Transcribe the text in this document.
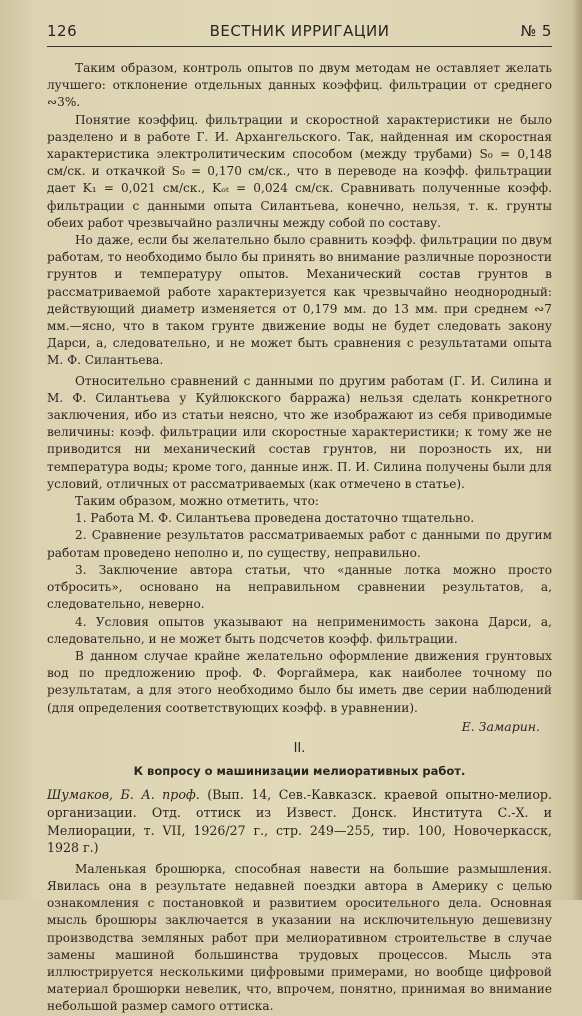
126	ВЕСТНИК ИРРИГАЦИИ	№ 5

Таким образом, контроль опытов по двум методам не оставляет желать лучшего: отклонение отдельных данных коэффиц. фильтрации от среднего ∾3%.

Понятие коэффиц. фильтрации и скоростной характеристики не было разделено и в работе Г. И. Архангельского. Так, найденная им скоростная характеристика электролитическим способом (между трубами) S₀ = 0,148 см/ск. и откачкой S₀ = 0,170 см/ск., что в переводе на коэфф. фильтрации дает K₁ = 0,021 см/ск., Kₒₜ = 0,024 см/ск. Сравнивать полученные коэфф. фильтрации с данными опыта Силантьева, конечно, нельзя, т. к. грунты обеих работ чрезвычайно различны между собой по составу.

Но даже, если бы желательно было сравнить коэфф. фильтрации по двум работам, то необходимо было бы принять во внимание различные порозности грунтов и температуру опытов. Механический состав грунтов в рассматриваемой работе характеризуется как чрезвычайно неоднородный: действующий диаметр изменяется от 0,179 мм. до 13 мм. при среднем ∾7 мм.—ясно, что в таком грунте движение воды не будет следовать закону Дарси, а, следовательно, и не может быть сравнения с результатами опыта М. Ф. Силантьева.

Относительно сравнений с данными по другим работам (Г. И. Силина и М. Ф. Силантьева у Куйлюкского барража) нельзя сделать конкретного заключения, ибо из статьи неясно, что же изображают из себя приводимые величины: коэф. фильтрации или скоростные характеристики; к тому же не приводится ни механический состав грунтов, ни порозность их, ни температура воды; кроме того, данные инж. П. И. Силина получены были для условий, отличных от рассматриваемых (как отмечено в статье).

Таким образом, можно отметить, что:

1. Работа М. Ф. Силантьева проведена достаточно тщательно.

2. Сравнение результатов рассматриваемых работ с данными по другим работам проведено неполно и, по существу, неправильно.

3. Заключение автора статьи, что «данные лотка можно просто отбросить», основано на неправильном сравнении результатов, а, следовательно, неверно.

4. Условия опытов указывают на неприменимость закона Дарси, а, следовательно, и не может быть подсчетов коэфф. фильтрации.

В данном случае крайне желательно оформление движения грунтовых вод по предложению проф. Ф. Форгаймера, как наиболее точному по результатам, а для этого необходимо было бы иметь две серии наблюдений (для определения соответствующих коэфф. в уравнении).

Е. Замарин.
II.
К вопросу о машинизации мелиоративных работ.
Шумаков, Б. А. проф. (Вып. 14, Сев.-Кавказск. краевой опытно-мелиор. организации. Отд. оттиск из Извест. Донск. Института С.-Х. и Мелиорации, т. VII, 1926/27 г., стр. 249—255, тир. 100, Новочеркасск, 1928 г.)

Маленькая брошюрка, способная навести на большие размышления. Явилась она в результате недавней поездки автора в Америку с целью ознакомления с постановкой и развитием оросительного дела. Основная мысль брошюры заключается в указании на исключительную дешевизну производства земляных работ при мелиоративном строительстве в случае замены машиной большинства трудовых процессов. Мысль эта иллюстрируется несколькими цифровыми примерами, но вообще цифровой материал брошюрки невелик, что, впрочем, понятно, принимая во внимание небольшой размер самого оттиска.
